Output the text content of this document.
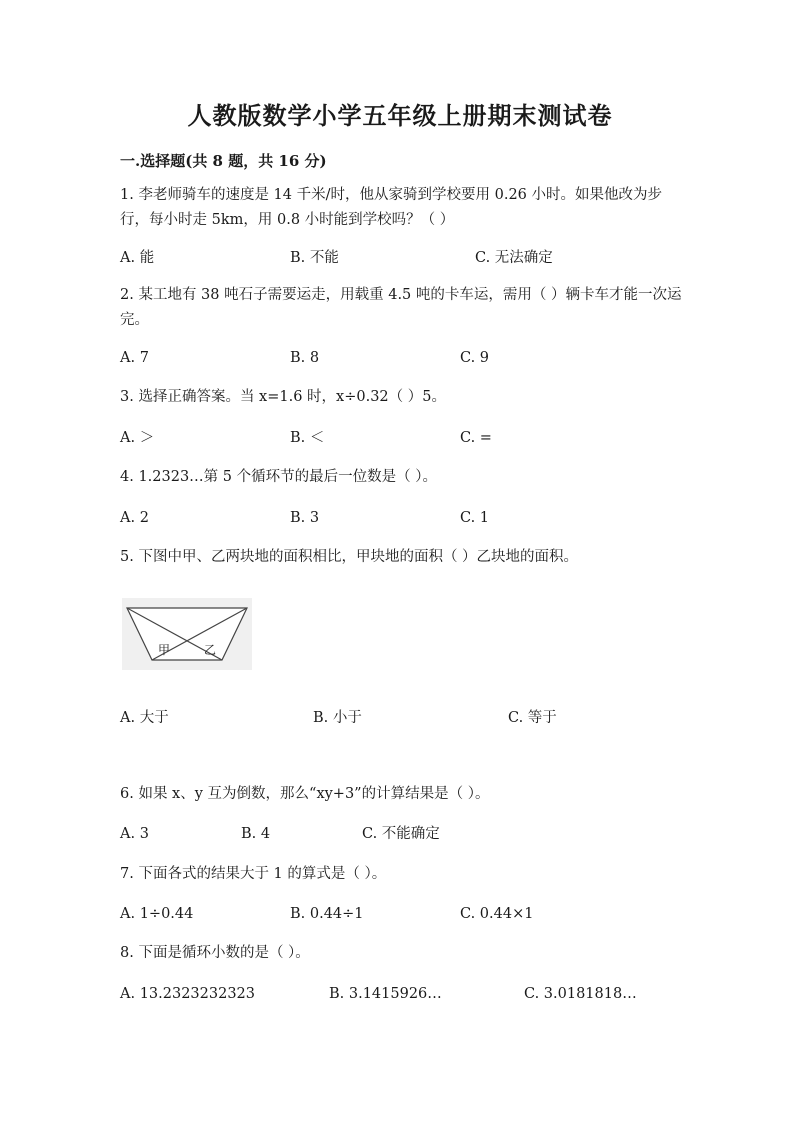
人教版数学小学五年级上册期末测试卷
一.选择题(共 8 题，共 16 分)
1. 李老师骑车的速度是 14 千米/时，他从家骑到学校要用 0.26 小时。如果他改为步行，每小时走 5km，用 0.8 小时能到学校吗？（ ）
A. 能	B. 不能	C. 无法确定
2. 某工地有 38 吨石子需要运走，用载重 4.5 吨的卡车运，需用（ ）辆卡车才能一次运完。
A. 7	B. 8	C. 9
3. 选择正确答案。当 x=1.6 时，x÷0.32（ ）5。
A. ＞	B. ＜	C. =
4. 1.2323…第 5 个循环节的最后一位数是（ ）。
A. 2	B. 3	C. 1
5. 下图中甲、乙两块地的面积相比，甲块地的面积（ ）乙块地的面积。
甲	乙
A. 大于	B. 小于	C. 等于
6. 如果 x、y 互为倒数，那么“xy+3”的计算结果是（ ）。
A. 3	B. 4	C. 不能确定
7. 下面各式的结果大于 1 的算式是（ ）。
A. 1÷0.44	B. 0.44÷1	C. 0.44×1
8. 下面是循环小数的是（ ）。
A. 13.2323232323	B. 3.1415926…	C. 3.0181818…
